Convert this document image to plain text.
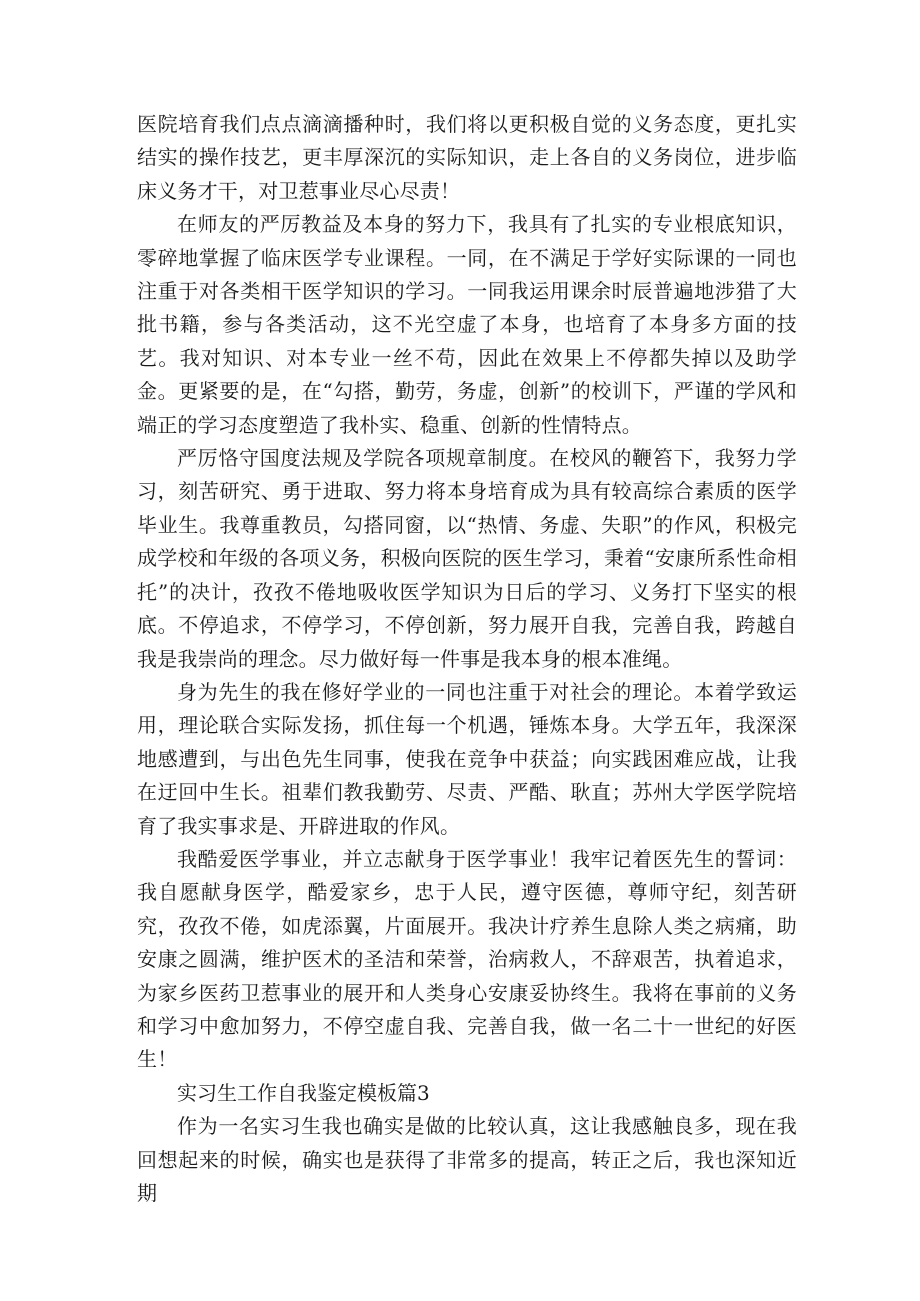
医院培育我们点点滴滴播种时，我们将以更积极自觉的义务态度，更扎实结实的操作技艺，更丰厚深沉的实际知识，走上各自的义务岗位，进步临床义务才干，对卫惹事业尽心尽责！

在师友的严厉教益及本身的努力下，我具有了扎实的专业根底知识，零碎地掌握了临床医学专业课程。一同，在不满足于学好实际课的一同也注重于对各类相干医学知识的学习。一同我运用课余时辰普遍地涉猎了大批书籍，参与各类活动，这不光空虚了本身，也培育了本身多方面的技艺。我对知识、对本专业一丝不苟，因此在效果上不停都失掉以及助学金。更紧要的是，在“勾搭，勤劳，务虚，创新”的校训下，严谨的学风和端正的学习态度塑造了我朴实、稳重、创新的性情特点。

严厉恪守国度法规及学院各项规章制度。在校风的鞭笞下，我努力学习，刻苦研究、勇于进取、努力将本身培育成为具有较高综合素质的医学毕业生。我尊重教员，勾搭同窗，以“热情、务虚、失职”的作风，积极完成学校和年级的各项义务，积极向医院的医生学习，秉着“安康所系性命相托”的决计，孜孜不倦地吸收医学知识为日后的学习、义务打下坚实的根底。不停追求，不停学习，不停创新，努力展开自我，完善自我，跨越自我是我崇尚的理念。尽力做好每一件事是我本身的根本准绳。

身为先生的我在修好学业的一同也注重于对社会的理论。本着学致运用，理论联合实际发扬，抓住每一个机遇，锤炼本身。大学五年，我深深地感遭到，与出色先生同事，使我在竞争中获益；向实践困难应战，让我在迂回中生长。祖辈们教我勤劳、尽责、严酷、耿直；苏州大学医学院培育了我实事求是、开辟进取的作风。

我酷爱医学事业，并立志献身于医学事业！我牢记着医先生的誓词：我自愿献身医学，酷爱家乡，忠于人民，遵守医德，尊师守纪，刻苦研究，孜孜不倦，如虎添翼，片面展开。我决计疗养生息除人类之病痛，助安康之圆满，维护医术的圣洁和荣誉，治病救人，不辞艰苦，执着追求，为家乡医药卫惹事业的展开和人类身心安康妥协终生。我将在事前的义务和学习中愈加努力，不停空虚自我、完善自我，做一名二十一世纪的好医生！

实习生工作自我鉴定模板篇3

作为一名实习生我也确实是做的比较认真，这让我感触良多，现在我回想起来的时候，确实也是获得了非常多的提高，转正之后，我也深知近期
